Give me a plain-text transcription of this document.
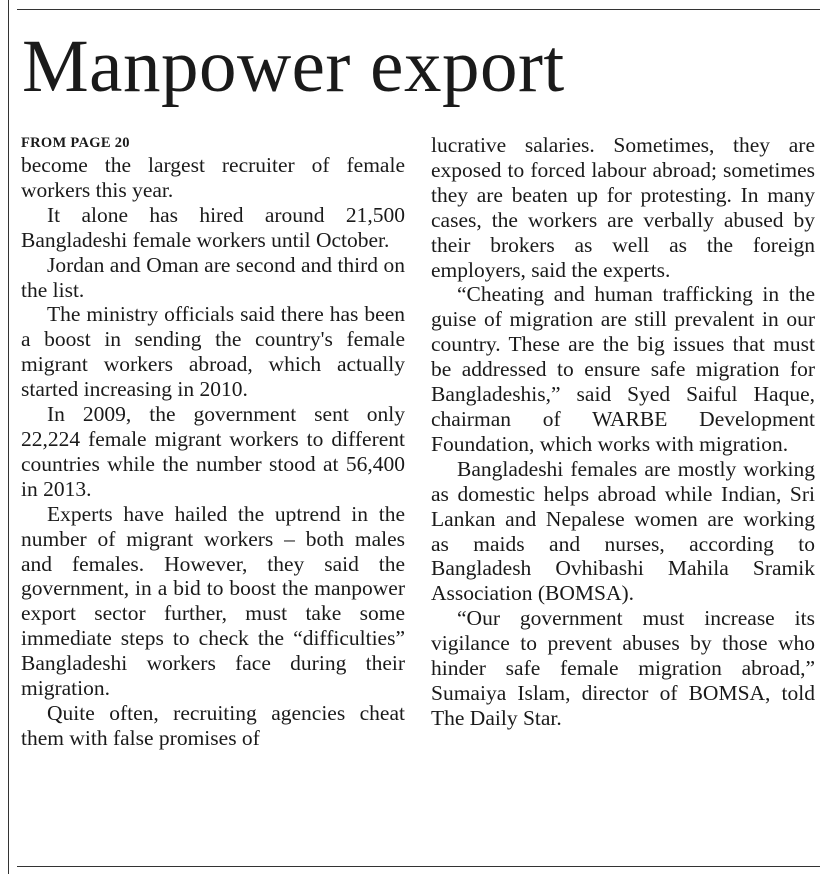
Manpower export
FROM PAGE 20

become the largest recruiter of female workers this year.

It alone has hired around 21,500 Bangladeshi female workers until October.

Jordan and Oman are second and third on the list.

The ministry officials said there has been a boost in sending the country's female migrant workers abroad, which actually started increasing in 2010.

In 2009, the government sent only 22,224 female migrant workers to different countries while the number stood at 56,400 in 2013.

Experts have hailed the uptrend in the number of migrant workers – both males and females. However, they said the government, in a bid to boost the manpower export sector further, must take some immediate steps to check the “difficulties” Bangladeshi workers face during their migration.

Quite often, recruiting agencies cheat them with false promises of

lucrative salaries. Sometimes, they are exposed to forced labour abroad; sometimes they are beaten up for protesting. In many cases, the workers are verbally abused by their brokers as well as the foreign employers, said the experts.

“Cheating and human trafficking in the guise of migration are still prevalent in our country. These are the big issues that must be addressed to ensure safe migration for Bangladeshis,” said Syed Saiful Haque, chairman of WARBE Development Foundation, which works with migration.

Bangladeshi females are mostly working as domestic helps abroad while Indian, Sri Lankan and Nepalese women are working as maids and nurses, according to Bangladesh Ovhibashi Mahila Sramik Association (BOMSA).

“Our government must increase its vigilance to prevent abuses by those who hinder safe female migration abroad,” Sumaiya Islam, director of BOMSA, told The Daily Star.
